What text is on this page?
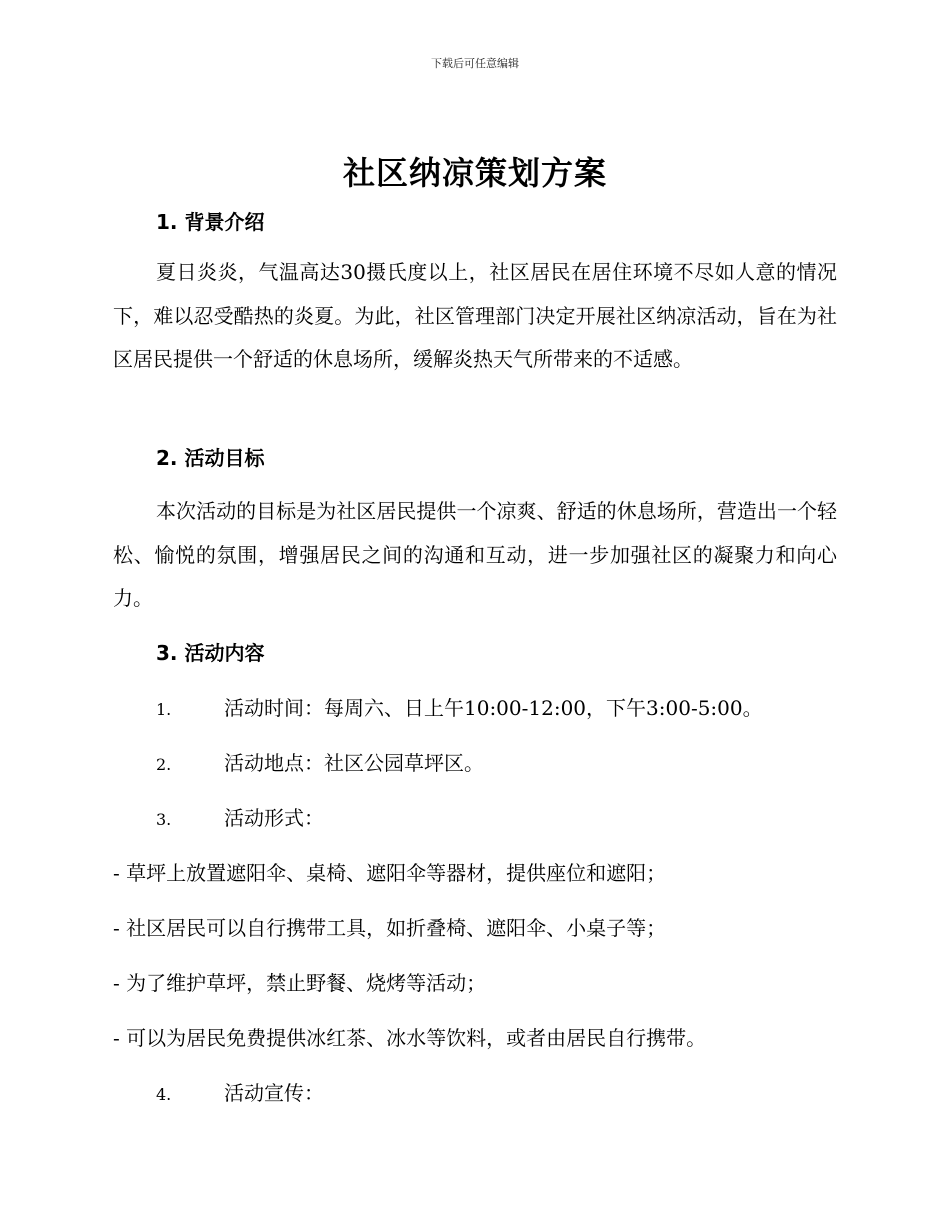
下载后可任意编辑
社区纳凉策划方案
1. 背景介绍

夏日炎炎，气温高达30摄氏度以上，社区居民在居住环境不尽如人意的情况下，难以忍受酷热的炎夏。为此，社区管理部门决定开展社区纳凉活动，旨在为社区居民提供一个舒适的休息场所，缓解炎热天气所带来的不适感。

2. 活动目标

本次活动的目标是为社区居民提供一个凉爽、舒适的休息场所，营造出一个轻松、愉悦的氛围，增强居民之间的沟通和互动，进一步加强社区的凝聚力和向心力。

3. 活动内容
1.	活动时间：每周六、日上午10:00-12:00，下午3:00-5:00。
2.	活动地点：社区公园草坪区。
3.	活动形式：
- 草坪上放置遮阳伞、桌椅、遮阳伞等器材，提供座位和遮阳；
- 社区居民可以自行携带工具，如折叠椅、遮阳伞、小桌子等；
- 为了维护草坪，禁止野餐、烧烤等活动；
- 可以为居民免费提供冰红茶、冰水等饮料，或者由居民自行携带。
4.	活动宣传：
